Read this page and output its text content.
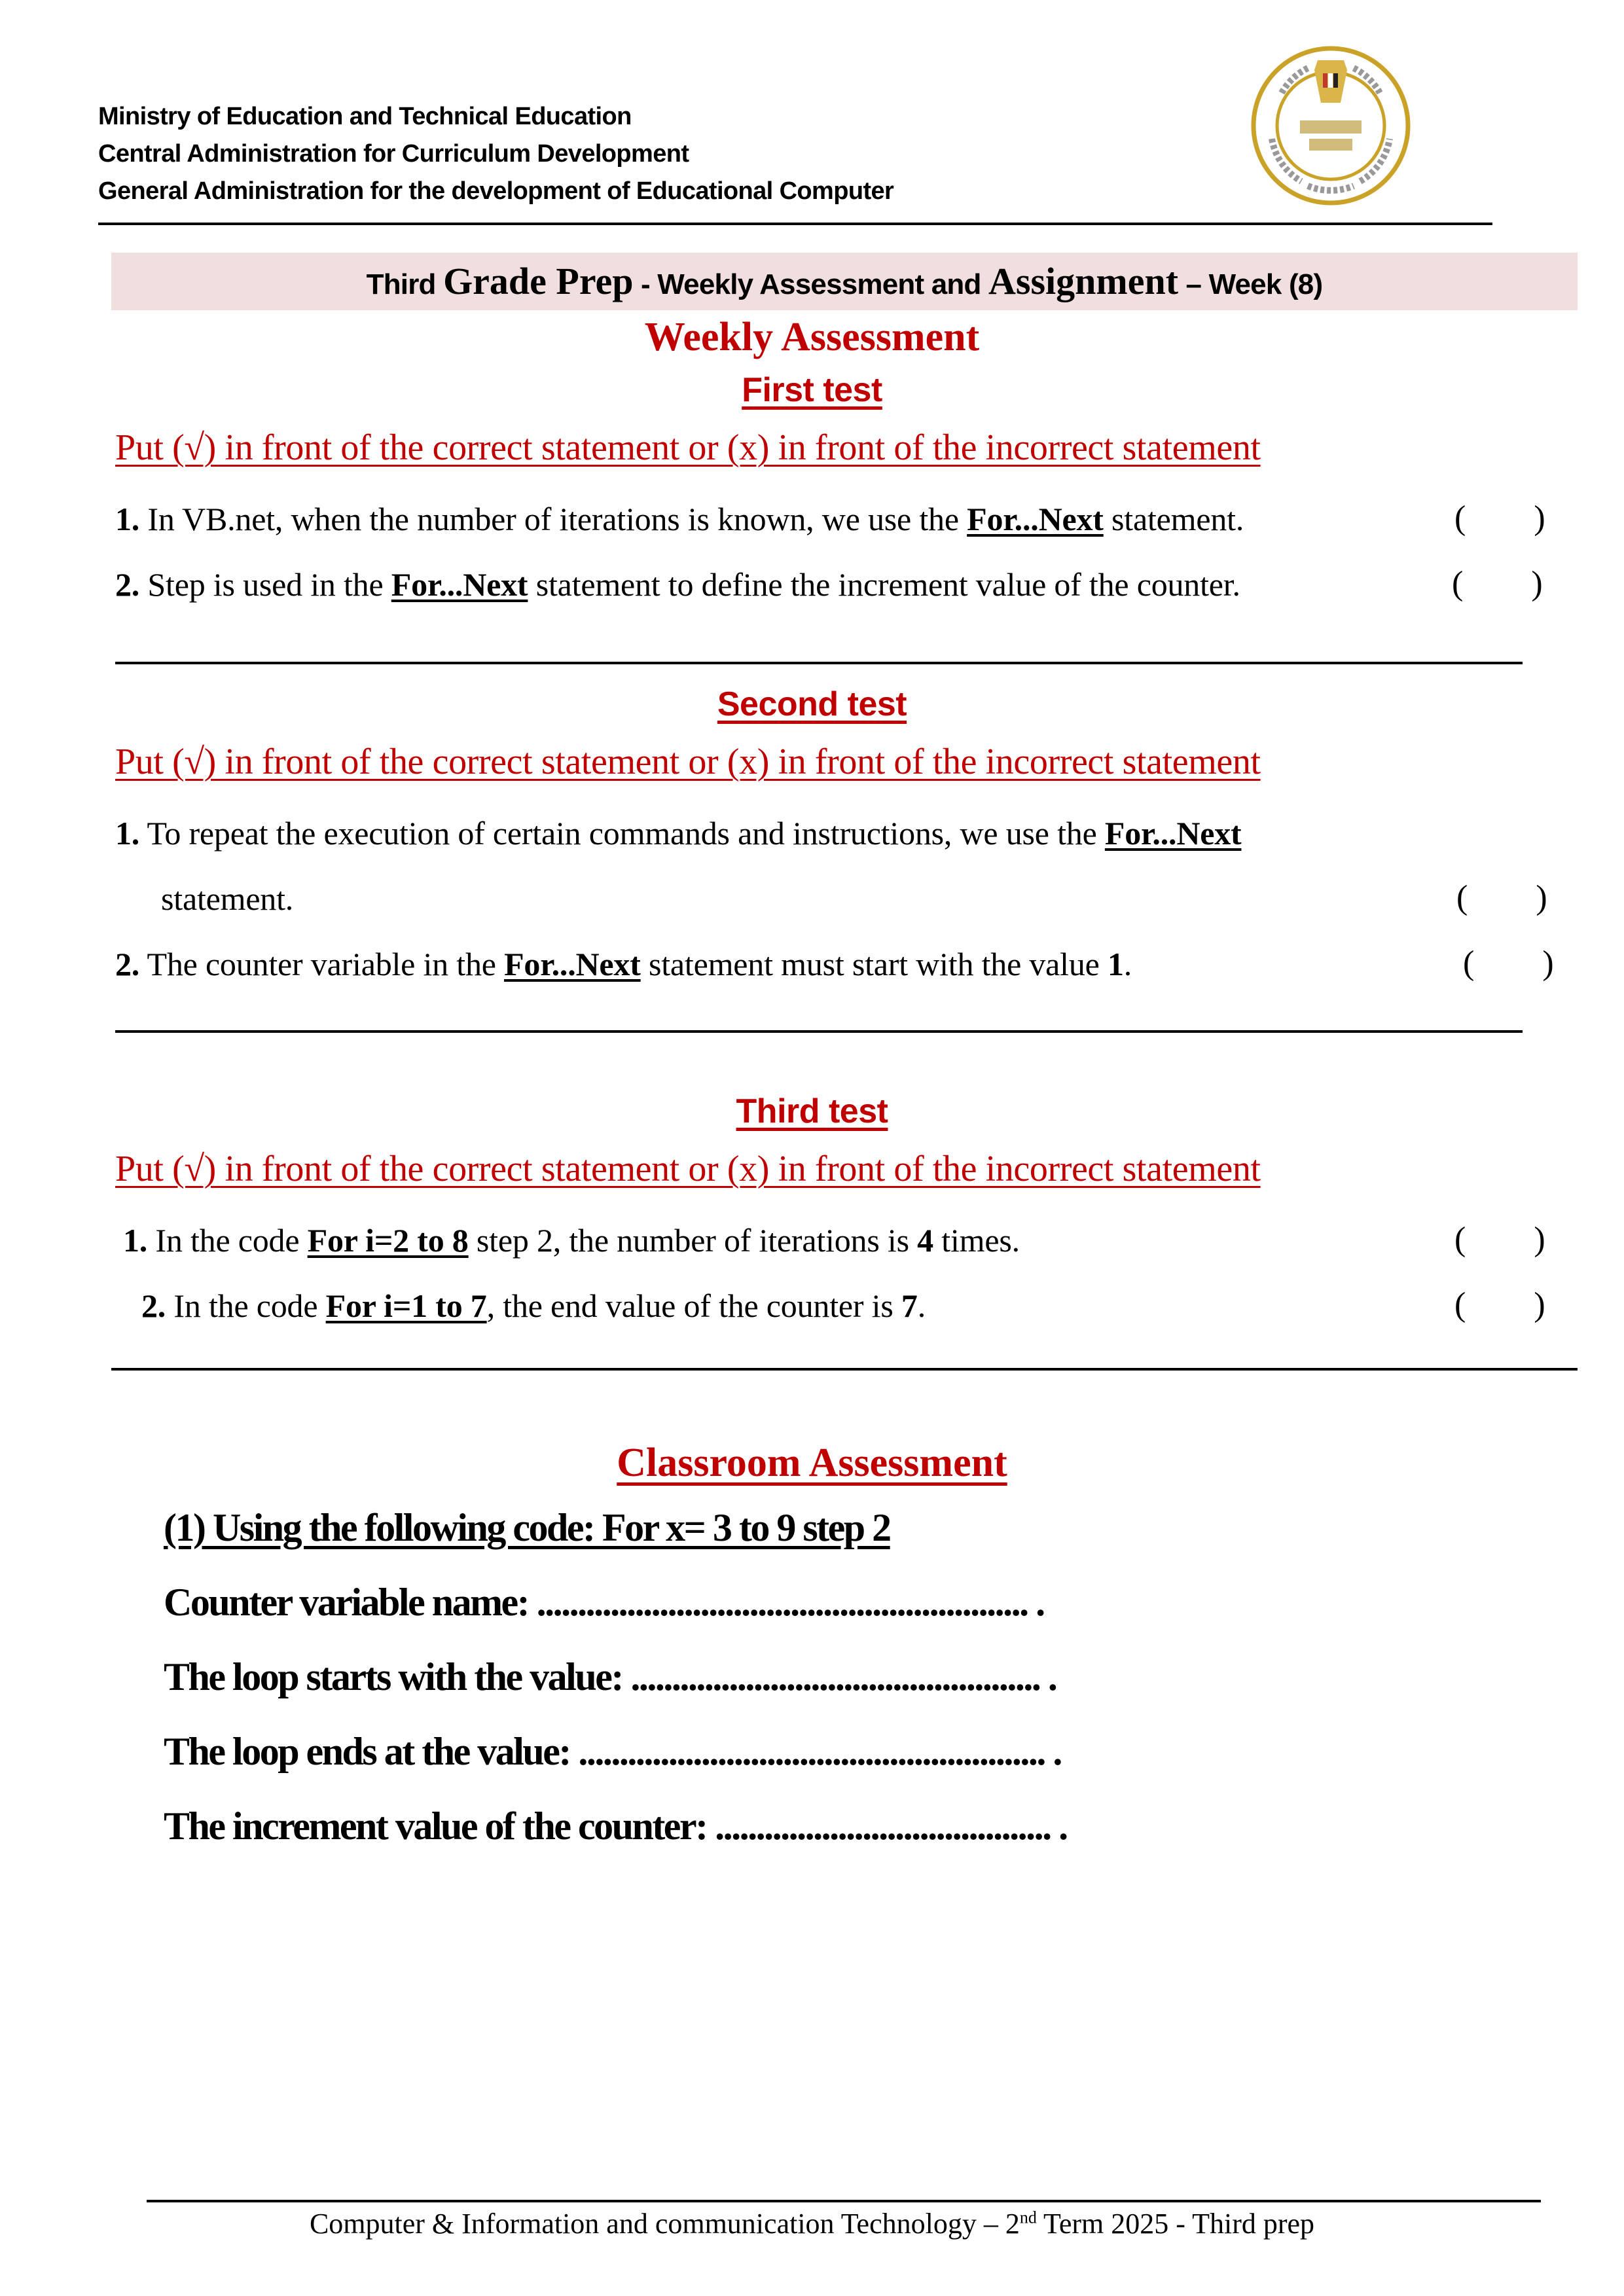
Ministry of Education and Technical Education
Central Administration for Curriculum Development
General Administration for the development of Educational Computer
Third Grade Prep - Weekly Assessment and Assignment – Week (8)
Weekly Assessment
First test
Put (√) in front of the correct statement or (x) in front of the incorrect statement
1. In VB.net, when the number of iterations is known, we use the For...Next statement.	(        )
2. Step is used in the For...Next statement to define the increment value of the counter.	(        )
Second test
Put (√) in front of the correct statement or (x) in front of the incorrect statement
1. To repeat the execution of certain commands and instructions, we use the For...Next
statement.	(        )
2. The counter variable in the For...Next statement must start with the value 1.	(        )
Third test
Put (√) in front of the correct statement or (x) in front of the incorrect statement
1. In the code For i=2 to 8 step 2, the number of iterations is 4 times.	(        )
2. In the code For i=1 to 7, the end value of the counter is 7.	(        )
Classroom Assessment
(1) Using the following code: For x= 3 to 9 step 2
Counter variable name: ............................................................ .
The loop starts with the value: .................................................. .
The loop ends at the value: ......................................................... .
The increment value of the counter: ......................................... .
Computer & Information and communication Technology – 2nd Term 2025 - Third prep
